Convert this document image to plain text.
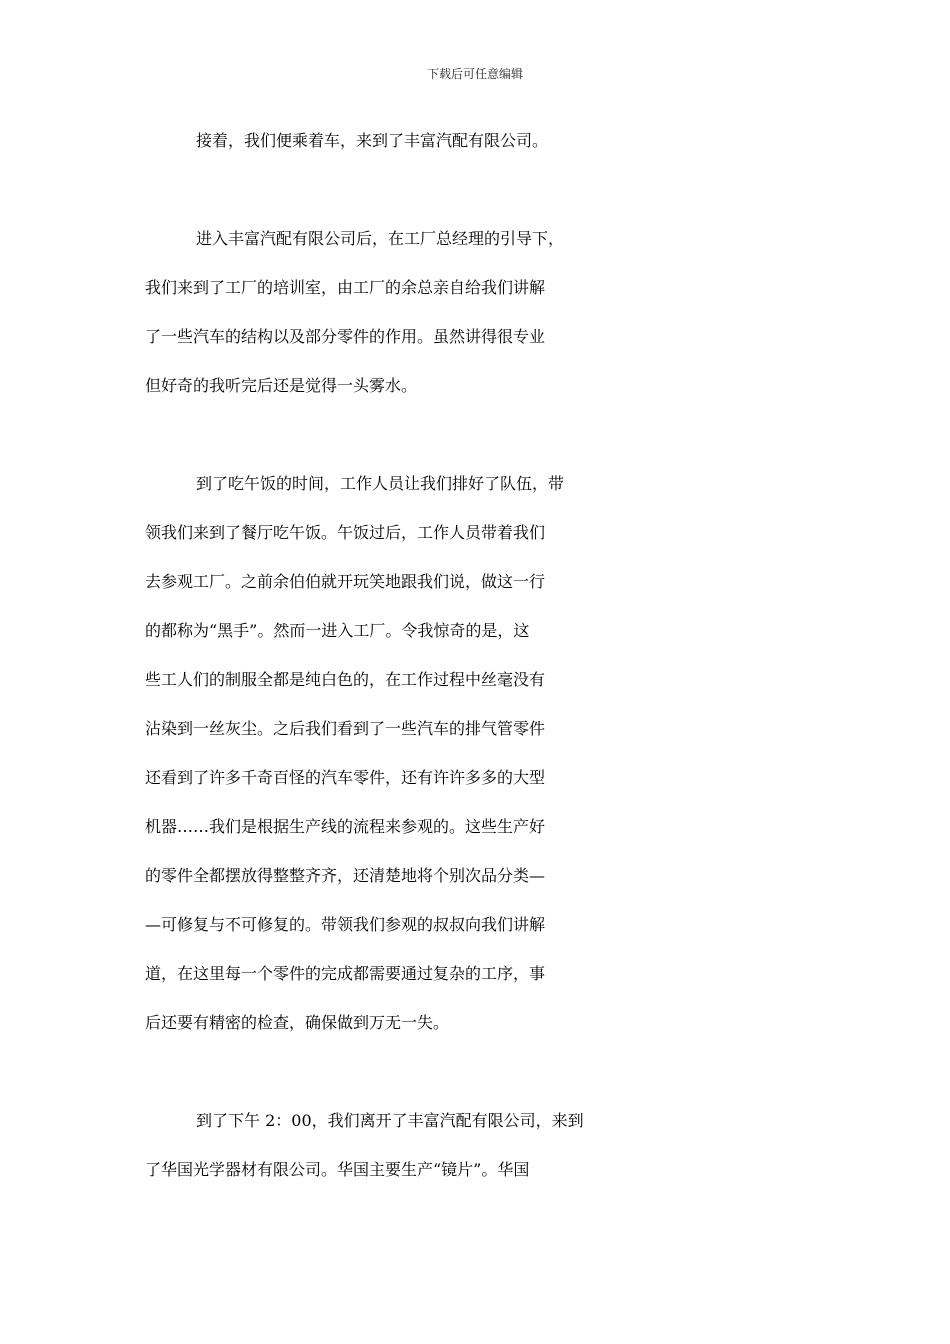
下载后可任意编辑
接着，我们便乘着车，来到了丰富汽配有限公司。
进入丰富汽配有限公司后，在工厂总经理的引导下，
我们来到了工厂的培训室，由工厂的余总亲自给我们讲解
了一些汽车的结构以及部分零件的作用。虽然讲得很专业
但好奇的我听完后还是觉得一头雾水。
到了吃午饭的时间，工作人员让我们排好了队伍，带
领我们来到了餐厅吃午饭。午饭过后，工作人员带着我们
去参观工厂。之前余伯伯就开玩笑地跟我们说，做这一行
的都称为“黑手”。然而一进入工厂。令我惊奇的是，这
些工人们的制服全都是纯白色的，在工作过程中丝毫没有
沾染到一丝灰尘。之后我们看到了一些汽车的排气管零件
还看到了许多千奇百怪的汽车零件，还有许许多多的大型
机器……我们是根据生产线的流程来参观的。这些生产好
的零件全都摆放得整整齐齐，还清楚地将个别次品分类—
—可修复与不可修复的。带领我们参观的叔叔向我们讲解
道，在这里每一个零件的完成都需要通过复杂的工序，事
后还要有精密的检查，确保做到万无一失。
到了下午 2：00，我们离开了丰富汽配有限公司，来到
了华国光学器材有限公司。华国主要生产“镜片”。华国
